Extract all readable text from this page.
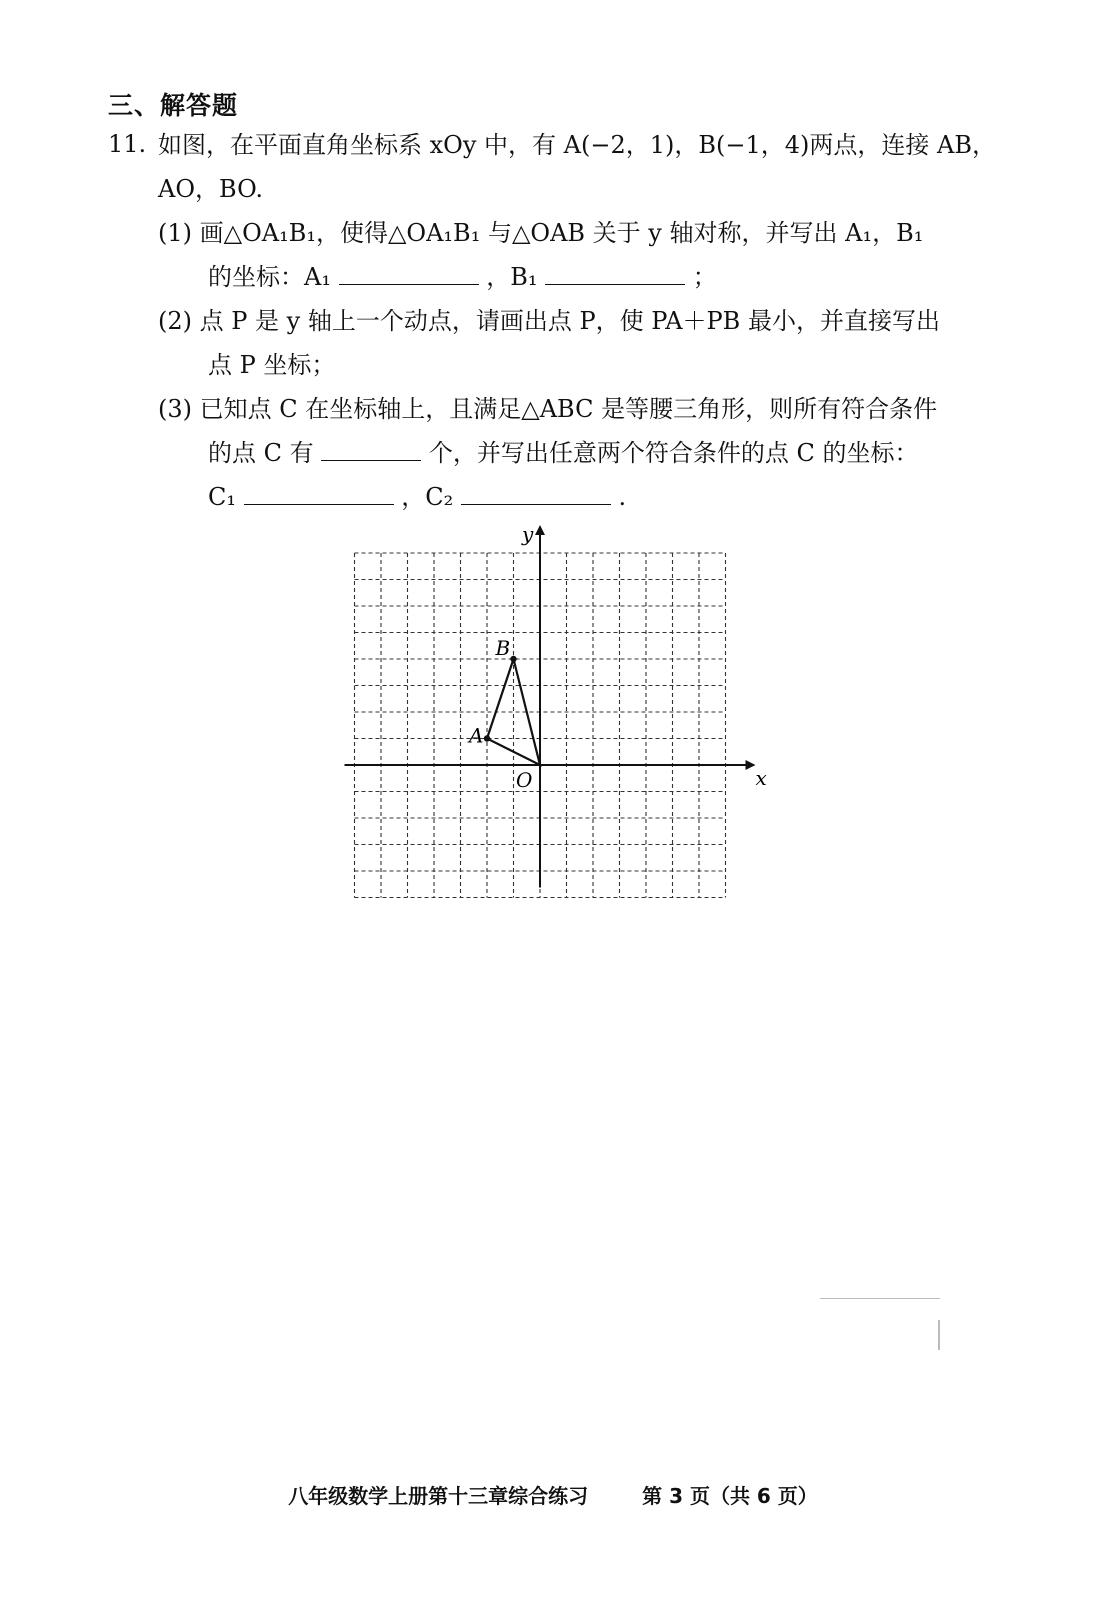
三、解答题
11. 如图，在平面直角坐标系 xOy 中，有 A(−2，1)，B(−1，4)两点，连接 AB，
AO，BO.
(1) 画△OA₁B₁，使得△OA₁B₁ 与△OAB 关于 y 轴对称，并写出 A₁，B₁
的坐标：A₁	，B₁	；
(2) 点 P 是 y 轴上一个动点，请画出点 P，使 PA＋PB 最小，并直接写出
点 P 坐标；
(3) 已知点 C 在坐标轴上，且满足△ABC 是等腰三角形，则所有符合条件
的点 C 有	个，并写出任意两个符合条件的点 C 的坐标：
C₁	，C₂	.
y
x
O
A
B
八年级数学上册第十三章综合练习	第 3 页（共 6 页）
